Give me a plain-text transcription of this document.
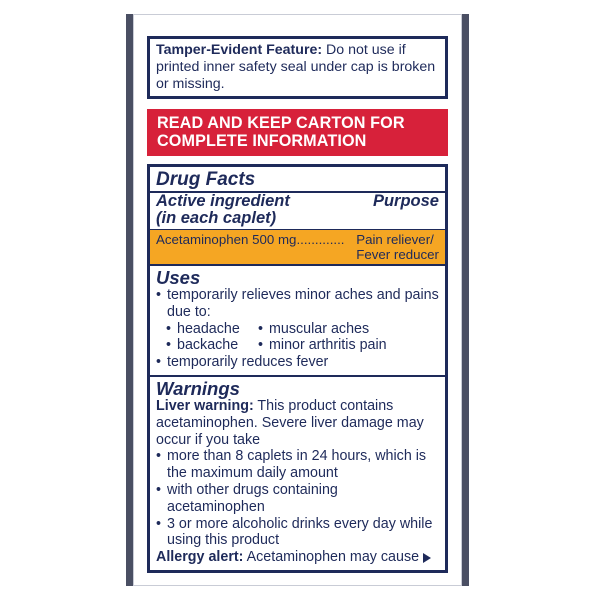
Tamper-Evident Feature: Do not use if printed inner safety seal under cap is broken or missing.
READ AND KEEP CARTON FOR
COMPLETE INFORMATION
Drug Facts
Active ingredient
(in each caplet)
Purpose
Acetaminophen 500 mg............. Pain reliever/
Fever reducer
Uses
• temporarily relieves minor aches and pains
due to:
• headache • muscular aches
• backache • minor arthritis pain
• temporarily reduces fever
Warnings
Liver warning: This product contains
acetaminophen. Severe liver damage may
occur if you take
• more than 8 caplets in 24 hours, which is
the maximum daily amount
• with other drugs containing acetaminophen
• 3 or more alcoholic drinks every day while
using this product
Allergy alert: Acetaminophen may cause
